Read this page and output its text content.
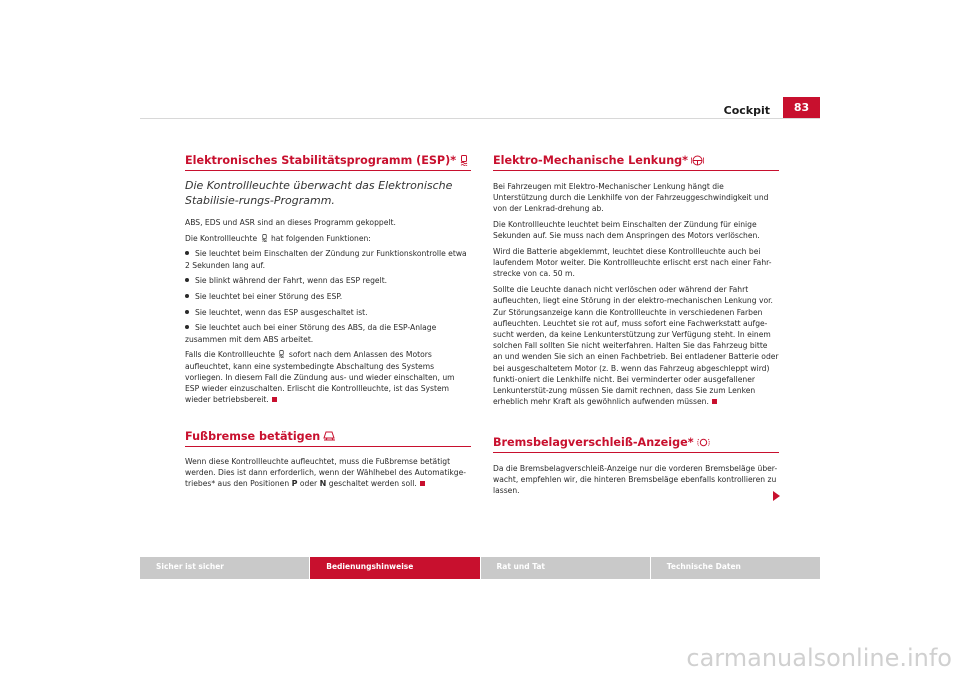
Cockpit	83
Elektronisches Stabilitätsprogramm (ESP)*
Die Kontrollleuchte überwacht das Elektronische Stabilisie-rungs-Programm.

ABS, EDS und ASR sind an dieses Programm gekoppelt.

Die Kontrollleuchte hat folgenden Funktionen:

Sie leuchtet beim Einschalten der Zündung zur Funktionskontrolle etwa 2 Sekunden lang auf.

Sie blinkt während der Fahrt, wenn das ESP regelt.

Sie leuchtet bei einer Störung des ESP.

Sie leuchtet, wenn das ESP ausgeschaltet ist.

Sie leuchtet auch bei einer Störung des ABS, da die ESP-Anlage zusammen mit dem ABS arbeitet.

Falls die Kontrollleuchte sofort nach dem Anlassen des Motors aufleuchtet, kann eine systembedingte Abschaltung des Systems vorliegen. In diesem Fall die Zündung aus- und wieder einschalten, um ESP wieder einzuschalten. Erlischt die Kontrollleuchte, ist das System wieder betriebsbereit.

Fußbremse betätigen

Wenn diese Kontrollleuchte aufleuchtet, muss die Fußbremse betätigt werden. Dies ist dann erforderlich, wenn der Wählhebel des Automatikge-triebes* aus den Positionen P oder N geschaltet werden soll.

Elektro-Mechanische Lenkung*

Bei Fahrzeugen mit Elektro-Mechanischer Lenkung hängt die Unterstützung durch die Lenkhilfe von der Fahrzeuggeschwindigkeit und von der Lenkrad-drehung ab.

Die Kontrollleuchte leuchtet beim Einschalten der Zündung für einige Sekunden auf. Sie muss nach dem Anspringen des Motors verlöschen.

Wird die Batterie abgeklemmt, leuchtet diese Kontrollleuchte auch bei laufendem Motor weiter. Die Kontrollleuchte erlischt erst nach einer Fahr-strecke von ca. 50 m.

Sollte die Leuchte danach nicht verlöschen oder während der Fahrt aufleuchten, liegt eine Störung in der elektro-mechanischen Lenkung vor. Zur Störungsanzeige kann die Kontrollleuchte in verschiedenen Farben aufleuchten. Leuchtet sie rot auf, muss sofort eine Fachwerkstatt aufge-sucht werden, da keine Lenkunterstützung zur Verfügung steht. In einem solchen Fall sollten Sie nicht weiterfahren. Halten Sie das Fahrzeug bitte an und wenden Sie sich an einen Fachbetrieb. Bei entladener Batterie oder bei ausgeschaltetem Motor (z. B. wenn das Fahrzeug abgeschleppt wird) funkti-oniert die Lenkhilfe nicht. Bei verminderter oder ausgefallener Lenkunterstüt-zung müssen Sie damit rechnen, dass Sie zum Lenken erheblich mehr Kraft als gewöhnlich aufwenden müssen.

Bremsbelagverschleiß-Anzeige*

Da die Bremsbelagverschleiß-Anzeige nur die vorderen Bremsbeläge über-wacht, empfehlen wir, die hinteren Bremsbeläge ebenfalls kontrollieren zu lassen.

Sicher ist sicher	Bedienungshinweise	Rat und Tat	Technische Daten
carmanualsonline.info
